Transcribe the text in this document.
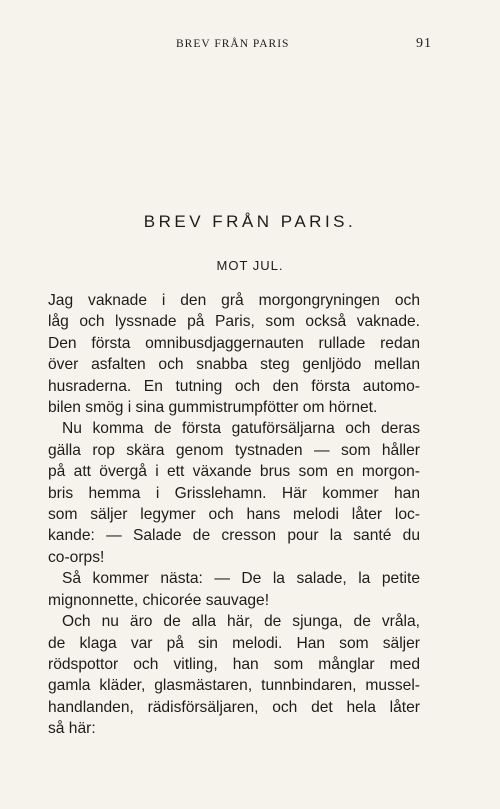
BREV FRÅN PARIS	91
BREV FRÅN PARIS.
MOT JUL.
Jag vaknade i den grå morgongryningen och
låg och lyssnade på Paris, som också vaknade.
Den första omnibusdjaggernauten rullade redan
över asfalten och snabba steg genljödo mellan
husraderna. En tutning och den första automo-
bilen smög i sina gummistrumpfötter om hörnet.
Nu komma de första gatuförsäljarna och deras
gälla rop skära genom tystnaden — som håller
på att övergå i ett växande brus som en morgon-
bris hemma i Grisslehamn. Här kommer han
som säljer legymer och hans melodi låter loc-
kande: — Salade de cresson pour la santé du
co-orps!
Så kommer nästa: — De la salade, la petite
mignonnette, chicorée sauvage!
Och nu äro de alla här, de sjunga, de vråla,
de klaga var på sin melodi. Han som säljer
rödspottor och vitling, han som månglar med
gamla kläder, glasmästaren, tunnbindaren, mussel-
handlanden, rädisförsäljaren, och det hela låter
så här:
